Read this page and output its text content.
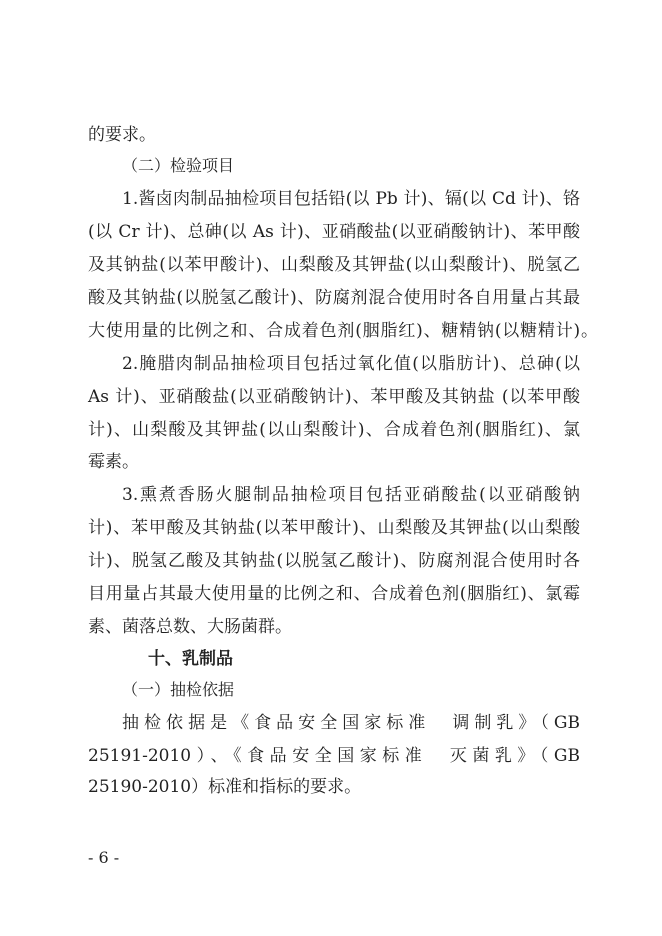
的要求。
（二）检验项目
1.酱卤肉制品抽检项目包括铅(以 Pb 计)、镉(以 Cd 计)、铬
(以 Cr 计)、总砷(以 As 计)、亚硝酸盐(以亚硝酸钠计)、苯甲酸
及其钠盐(以苯甲酸计)、山梨酸及其钾盐(以山梨酸计)、脱氢乙
酸及其钠盐(以脱氢乙酸计)、防腐剂混合使用时各自用量占其最
大使用量的比例之和、合成着色剂(胭脂红)、糖精钠(以糖精计)。
2.腌腊肉制品抽检项目包括过氧化值(以脂肪计)、总砷(以
As 计)、亚硝酸盐(以亚硝酸钠计)、苯甲酸及其钠盐 (以苯甲酸
计)、山梨酸及其钾盐(以山梨酸计)、合成着色剂(胭脂红)、氯
霉素。
3.熏煮香肠火腿制品抽检项目包括亚硝酸盐(以亚硝酸钠
计)、苯甲酸及其钠盐(以苯甲酸计)、山梨酸及其钾盐(以山梨酸
计)、脱氢乙酸及其钠盐(以脱氢乙酸计)、防腐剂混合使用时各
目用量占其最大使用量的比例之和、合成着色剂(胭脂红)、氯霉
素、菌落总数、大肠菌群。
十、乳制品
（一）抽检依据
抽检依据是《食品安全国家标准　调制乳》（GB
25191-2010）、《食品安全国家标准　灭菌乳》（GB
25190-2010）标准和指标的要求。
- 6 -
